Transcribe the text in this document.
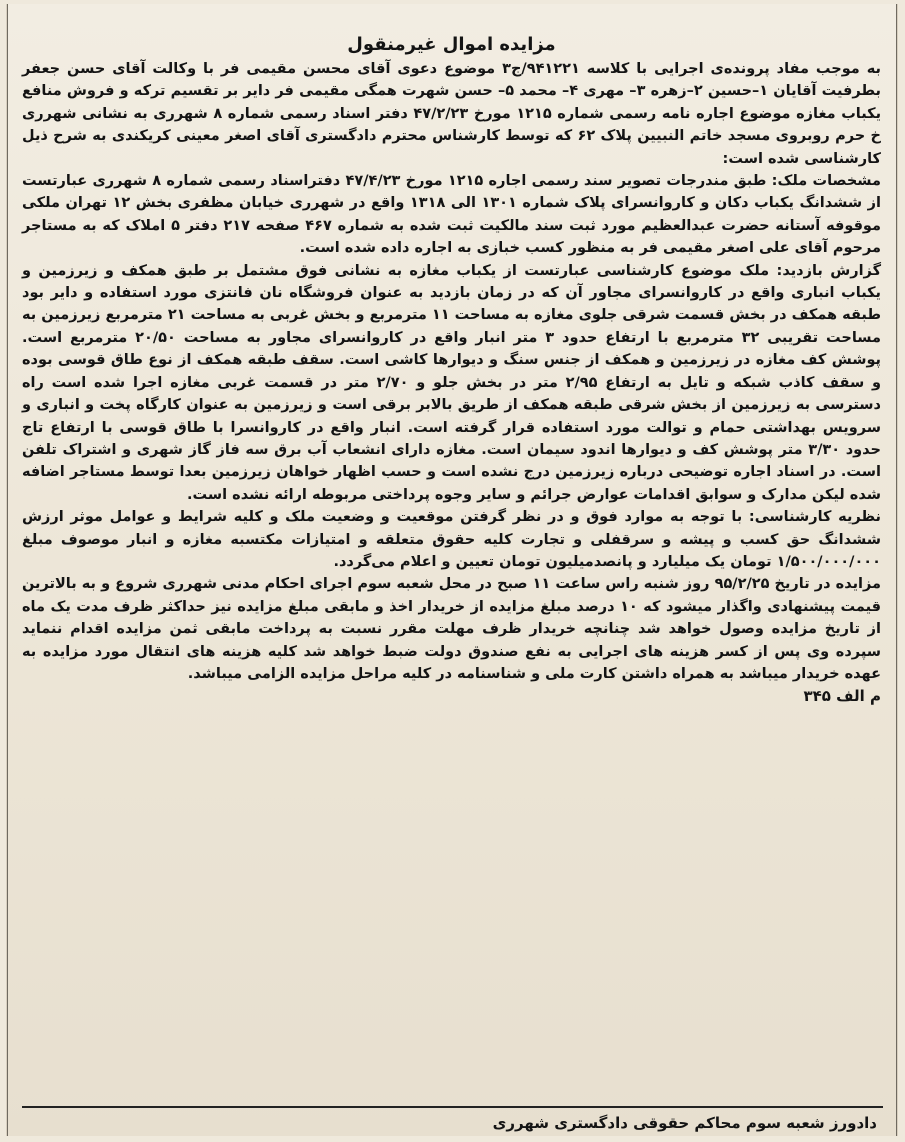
مزایده اموال غیرمنقول

به موجب مفاد پرونده‌ی اجرایی با کلاسه ۹۴۱۲۲۱/ج۳ موضوع دعوی آقای محسن مقیمی فر با وکالت آقای حسن جعفر بطرفیت آقایان ۱–حسین ۲–زهره ۳– مهری ۴– محمد ۵– حسن شهرت همگی مقیمی فر دایر بر تقسیم ترکه و فروش منافع یکباب مغازه موضوع اجاره نامه رسمی شماره ۱۲۱۵ مورخ ۴۷/۲/۲۳ دفتر اسناد رسمی شماره ۸ شهرری به نشانی شهرری خ حرم روبروی مسجد خاتم النبیین پلاک ۶۲ که توسط کارشناس محترم دادگستری آقای اصغر معینی کریکندی به شرح ذیل کارشناسی شده است:

مشخصات ملک: طبق مندرجات تصویر سند رسمی اجاره ۱۲۱۵ مورخ ۴۷/۴/۲۳ دفتراسناد رسمی شماره ۸ شهرری عبارتست از ششدانگ یکباب دکان و کاروانسرای پلاک شماره ۱۳۰۱ الی ۱۳۱۸ واقع در شهرری خیابان مظفری بخش ۱۲ تهران ملکی موقوفه آستانه حضرت عبدالعظیم مورد ثبت سند مالکیت ثبت شده به شماره ۴۶۷ صفحه ۲۱۷ دفتر ۵ املاک که به مستاجر مرحوم آقای علی اصغر مقیمی فر به منظور کسب خبازی به اجاره داده شده است.

گزارش بازدید: ملک موضوع کارشناسی عبارتست از یکباب مغازه به نشانی فوق مشتمل بر طبق همکف و زیرزمین و یکباب انباری واقع در کاروانسرای مجاور آن که در زمان بازدید به عنوان فروشگاه نان فانتزی مورد استفاده و دایر بود طبقه همکف در بخش قسمت شرقی جلوی مغازه به مساحت ۱۱ مترمربع و بخش غربی به مساحت ۲۱ مترمربع زیرزمین به مساحت تقریبی ۳۲ مترمربع با ارتفاع حدود ۳ متر انبار واقع در کاروانسرای مجاور به مساحت ۲۰/۵۰ مترمربع است. پوشش کف مغازه در زیرزمین و همکف از جنس سنگ و دیوارها کاشی است. سقف طبقه همکف از نوع طاق قوسی بوده و سقف کاذب شبکه و تایل به ارتفاع ۲/۹۵ متر در بخش جلو و ۲/۷۰ متر در قسمت غربی مغازه اجرا شده است راه دسترسی به زیرزمین از بخش شرقی طبقه همکف از طریق بالابر برقی است و زیرزمین به عنوان کارگاه پخت و انباری و سرویس بهداشتی حمام و توالت مورد استفاده قرار گرفته است. انبار واقع در کاروانسرا با طاق قوسی با ارتفاع تاج حدود ۳/۳۰ متر پوشش کف و دیوارها اندود سیمان است. مغازه دارای انشعاب آب برق سه فاز گاز شهری و اشتراک تلفن است. در اسناد اجاره توضیحی درباره زیرزمین درج نشده است و حسب اظهار خواهان زیرزمین بعدا توسط مستاجر اضافه شده لیکن مدارک و سوابق اقدامات عوارض جرائم و سایر وجوه پرداختی مربوطه ارائه نشده است.

نظریه کارشناسی: با توجه به موارد فوق و در نظر گرفتن موقعیت و وضعیت ملک و کلیه شرایط و عوامل موثر ارزش ششدانگ حق کسب و پیشه و سرقفلی و تجارت کلیه حقوق متعلقه و امتیازات مکتسبه مغازه و انبار موصوف مبلغ ۱/۵۰۰/۰۰۰/۰۰۰ تومان یک میلیارد و پانصدمیلیون تومان تعیین و اعلام می‌گردد.

مزایده در تاریخ ۹۵/۲/۲۵ روز شنبه راس ساعت ۱۱ صبح در محل شعبه سوم اجرای احکام مدنی شهرری شروع و به بالاترین قیمت پیشنهادی واگذار میشود که ۱۰ درصد مبلغ مزایده از خریدار اخذ و مابقی مبلغ مزایده نیز حداکثر ظرف مدت یک ماه از تاریخ مزایده وصول خواهد شد چنانچه خریدار ظرف مهلت مقرر نسبت به پرداخت مابقی ثمن مزایده اقدام ننماید سپرده وی پس از کسر هزینه های اجرایی به نفع صندوق دولت ضبط خواهد شد کلیه هزینه های انتقال مورد مزایده به عهده خریدار میباشد به همراه داشتن کارت ملی و شناسنامه در کلیه مراحل مزایده الزامی میباشد.

م الف ۳۴۵

دادورز شعبه سوم محاکم حقوقی دادگستری شهرری
